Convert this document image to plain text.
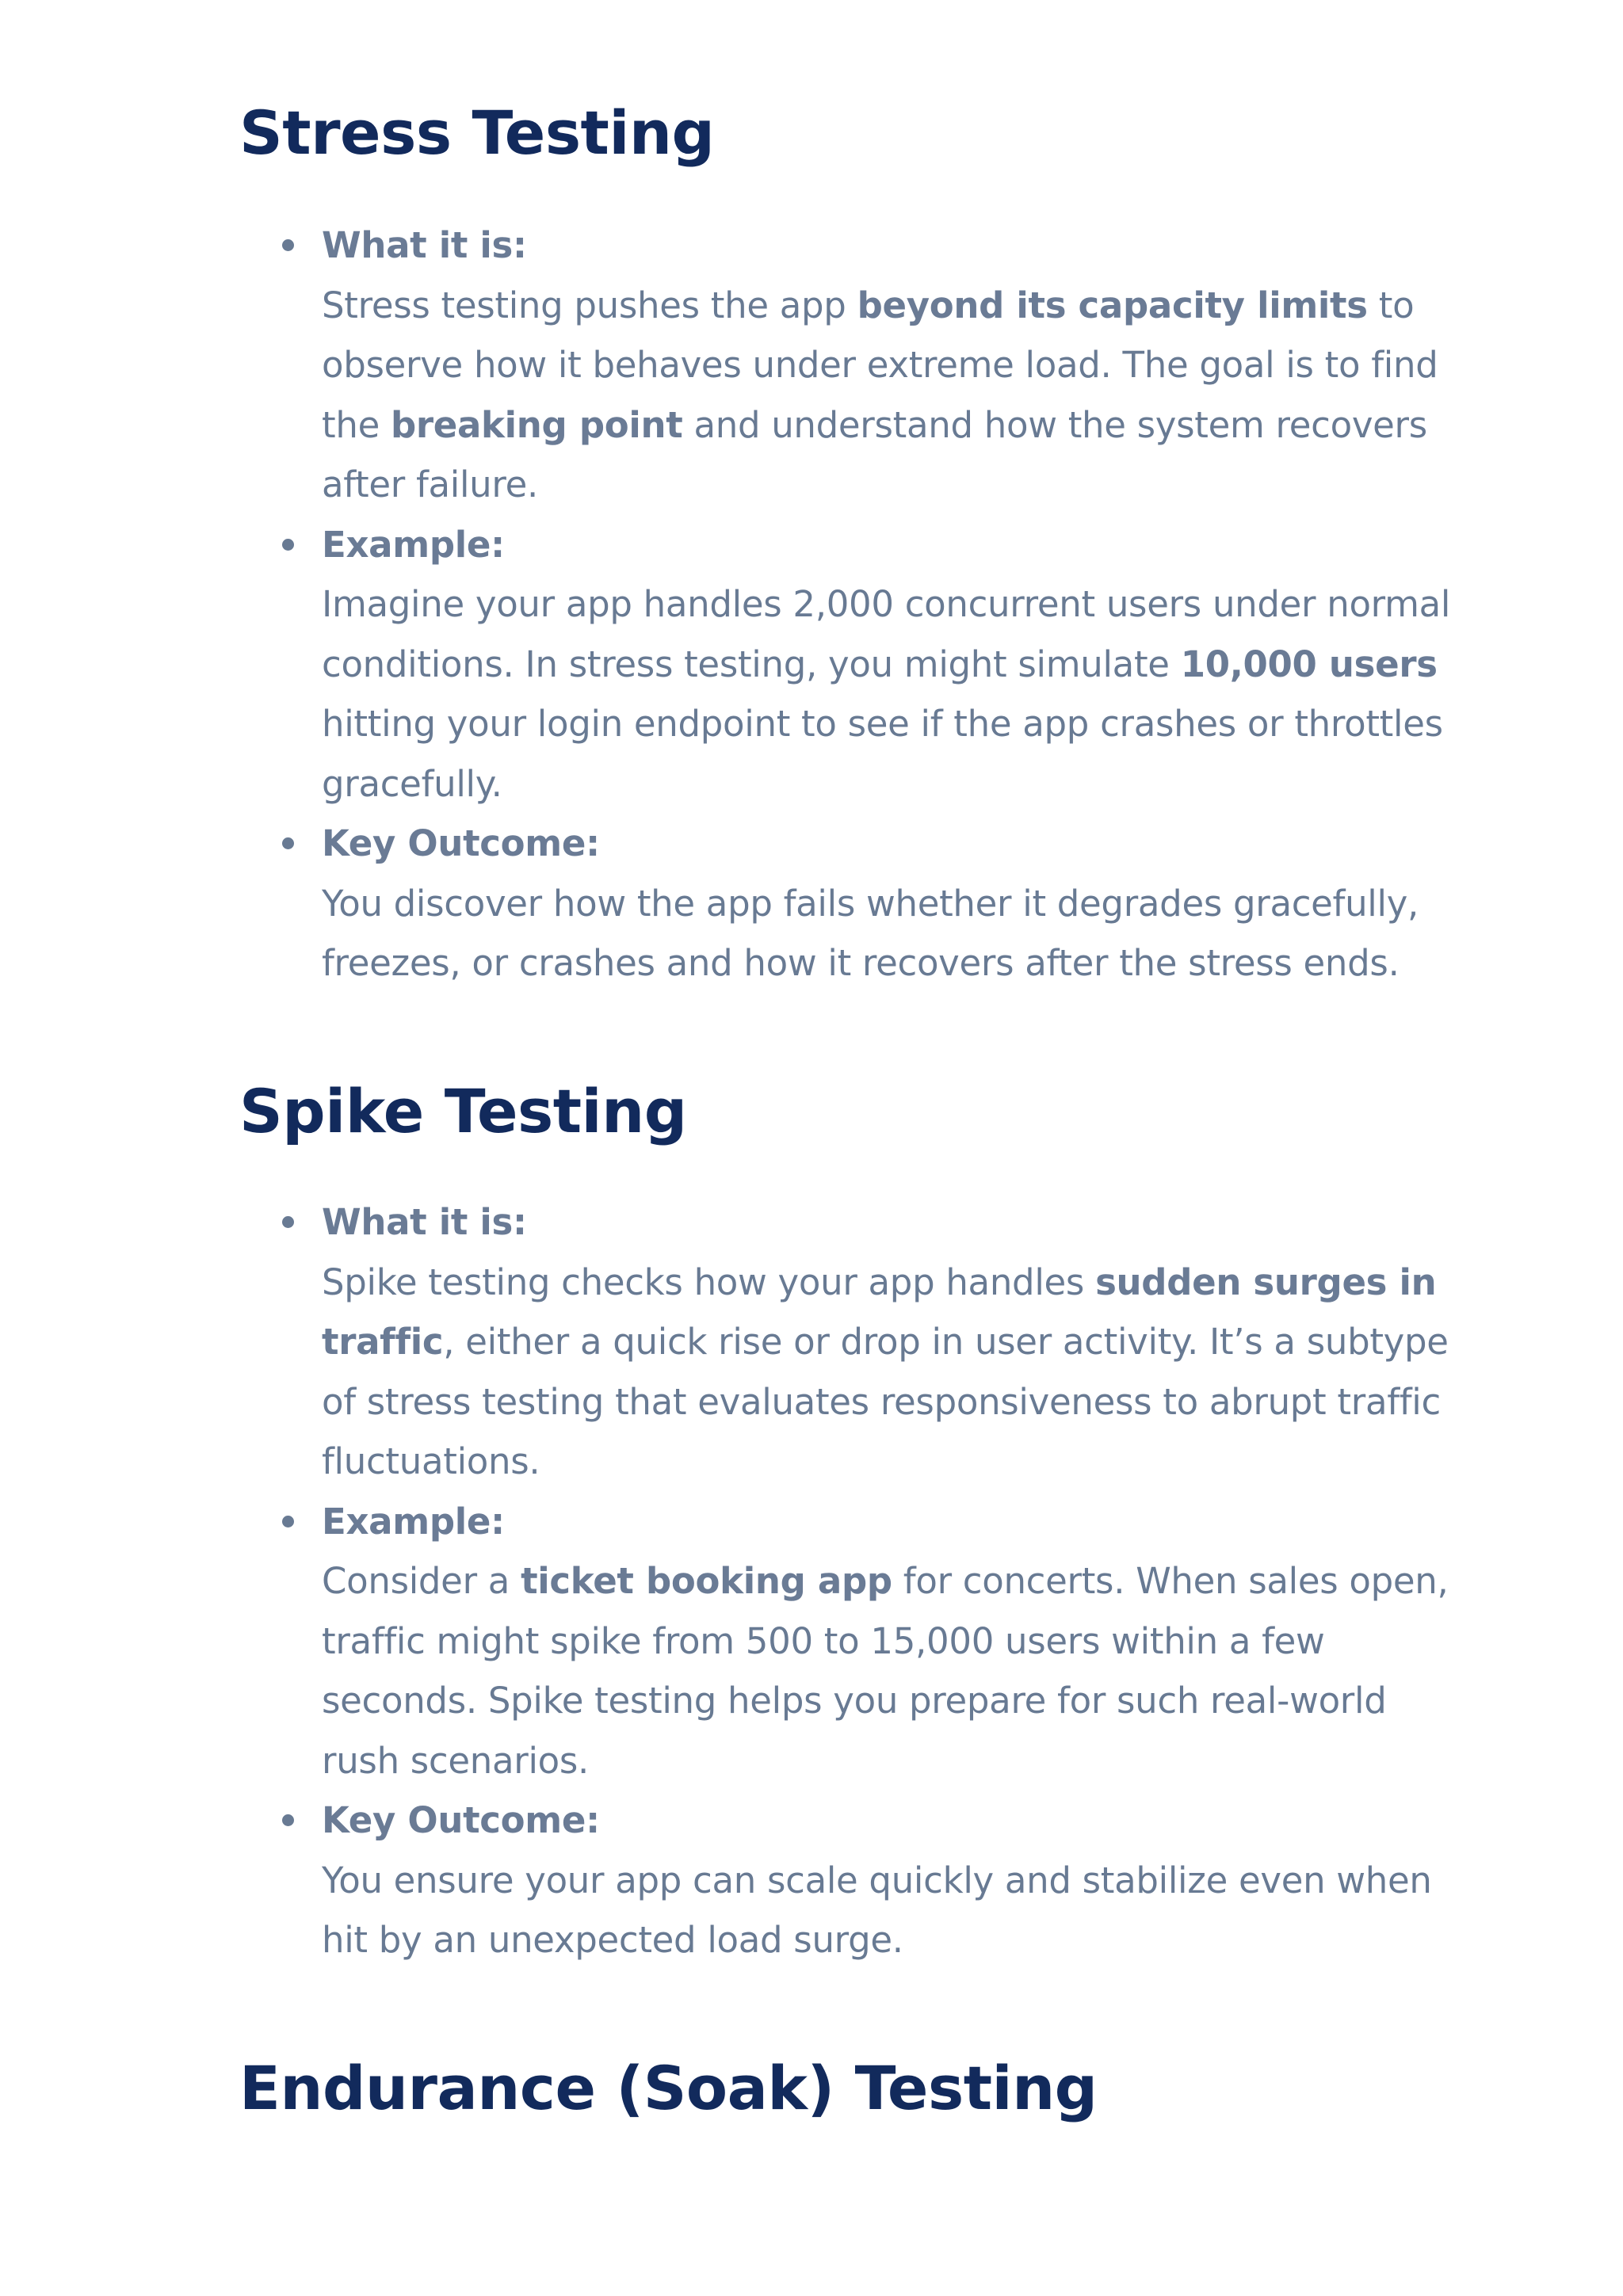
Stress Testing
What it is:
Stress testing pushes the app beyond its capacity limits to
observe how it behaves under extreme load. The goal is to find
the breaking point and understand how the system recovers
after failure.
Example:
Imagine your app handles 2,000 concurrent users under normal
conditions. In stress testing, you might simulate 10,000 users
hitting your login endpoint to see if the app crashes or throttles
gracefully.
Key Outcome:
You discover how the app fails whether it degrades gracefully,
freezes, or crashes and how it recovers after the stress ends.
Spike Testing
What it is:
Spike testing checks how your app handles sudden surges in
traffic, either a quick rise or drop in user activity. It’s a subtype
of stress testing that evaluates responsiveness to abrupt traffic
fluctuations.
Example:
Consider a ticket booking app for concerts. When sales open,
traffic might spike from 500 to 15,000 users within a few
seconds. Spike testing helps you prepare for such real-world
rush scenarios.
Key Outcome:
You ensure your app can scale quickly and stabilize even when
hit by an unexpected load surge.
Endurance (Soak) Testing
